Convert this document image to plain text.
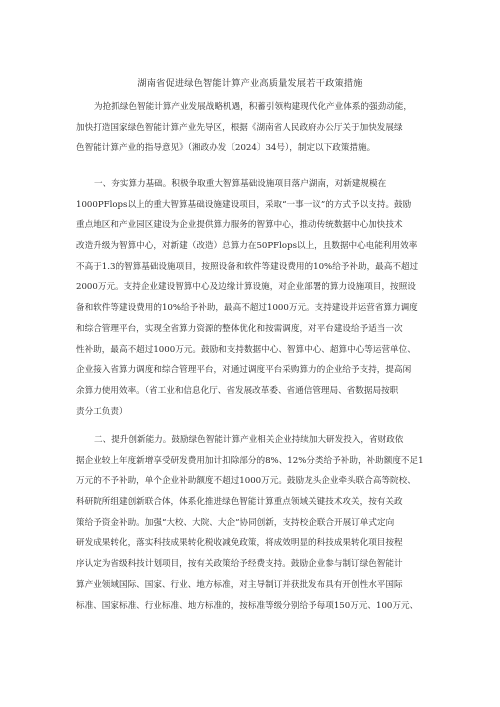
湖南省促进绿色智能计算产业高质量发展若干政策措施
为抢抓绿色智能计算产业发展战略机遇，积蓄引领构建现代化产业体系的强劲动能，
加快打造国家绿色智能计算产业先导区，根据《湖南省人民政府办公厅关于加快发展绿
色智能计算产业的指导意见》（湘政办发〔2024〕34号），制定以下政策措施。
一、夯实算力基础。积极争取重大智算基础设施项目落户湖南，对新建规模在
1000PFlops以上的重大智算基础设施建设项目，采取“一事一议”的方式予以支持。鼓励
重点地区和产业园区建设为企业提供算力服务的智算中心，推动传统数据中心加快技术
改造升级为智算中心，对新建（改造）总算力在50PFlops以上，且数据中心电能利用效率
不高于1.3的智算基础设施项目，按照设备和软件等建设费用的10%给予补助，最高不超过
2000万元。支持企业建设智算中心及边缘计算设施，对企业部署的算力设施项目，按照设
备和软件等建设费用的10%给予补助，最高不超过1000万元。支持建设并运营省算力调度
和综合管理平台，实现全省算力资源的整体优化和按需调度，对平台建设给予适当一次
性补助，最高不超过1000万元。鼓励和支持数据中心、智算中心、超算中心等运营单位、
企业接入省算力调度和综合管理平台，对通过调度平台采购算力的企业给予支持，提高闲
余算力使用效率。（省工业和信息化厅、省发展改革委、省通信管理局、省数据局按职
责分工负责）
二、提升创新能力。鼓励绿色智能计算产业相关企业持续加大研发投入，省财政依
据企业较上年度新增享受研发费用加计扣除部分的8%、12%分类给予补助，补助额度不足1
万元的不予补助，单个企业补助额度不超过1000万元。鼓励龙头企业牵头联合高等院校、
科研院所组建创新联合体，体系化推进绿色智能计算重点领域关键技术攻关，按有关政
策给予资金补助。加强“大校、大院、大企”协同创新，支持校企联合开展订单式定向
研发成果转化，落实科技成果转化税收减免政策，将成效明显的科技成果转化项目按程
序认定为省级科技计划项目，按有关政策给予经费支持。鼓励企业参与制订绿色智能计
算产业领域国际、国家、行业、地方标准，对主导制订并获批发布具有开创性水平国际
标准、国家标准、行业标准、地方标准的，按标准等级分别给予每项150万元、100万元、
